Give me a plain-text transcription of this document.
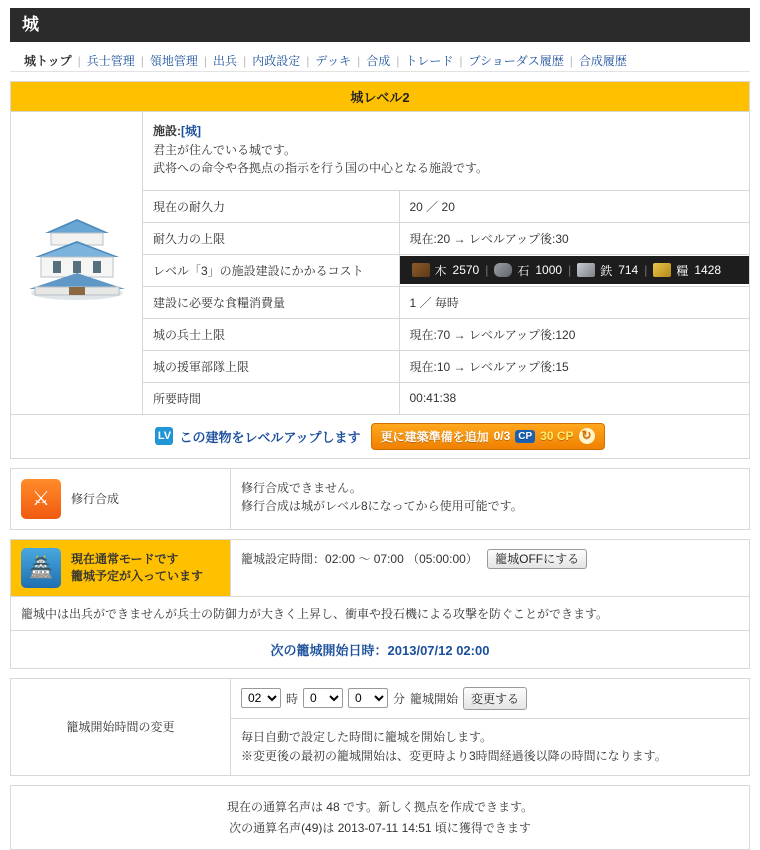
城
城トップ | 兵士管理 | 領地管理 | 出兵 | 内政設定 | デッキ | 合成 | トレード | ブショーダス履歴 | 合成履歴
城レベル2
施設:[城]
君主が住んでいる城です。
武将への命令や各拠点の指示を行う国の中心となる施設です。
現在の耐久力	20 ／ 20
耐久力の上限	現在:20 → レベルアップ後:30
レベル「3」の施設建設にかかるコスト	木 2570 | 石 1000 | 鉄 714 | 糧 1428

建設に必要な食糧消費量	1 ／ 毎時
城の兵士上限	現在:70 → レベルアップ後:120
城の援軍部隊上限	現在:10 → レベルアップ後:15
所要時間	00:41:38
LV この建物をレベルアップします 更に建築準備を追加 0/3 CP 30 CP ↻
⚔	修行合成
修行合成できません。
修行合成は城がレベル8になってから使用可能です。
🏯	現在通常モードです
籠城予定が入っています
籠城設定時間：02:00 ～ 07:00 （05:00:00） 籠城OFFにする
籠城中は出兵ができませんが兵士の防御力が大きく上昇し、衝車や投石機による攻撃を防ぐことができます。
次の籠城開始日時：2013/07/12 02:00
籠城開始時間の変更
02
時
0
0	分 籠城開始	変更する
毎日自動で設定した時間に籠城を開始します。
※変更後の最初の籠城開始は、変更時より3時間経過後以降の時間になります。
現在の通算名声は 48 です。新しく拠点を作成できます。
次の通算名声(49)は 2013-07-11 14:51 頃に獲得できます
